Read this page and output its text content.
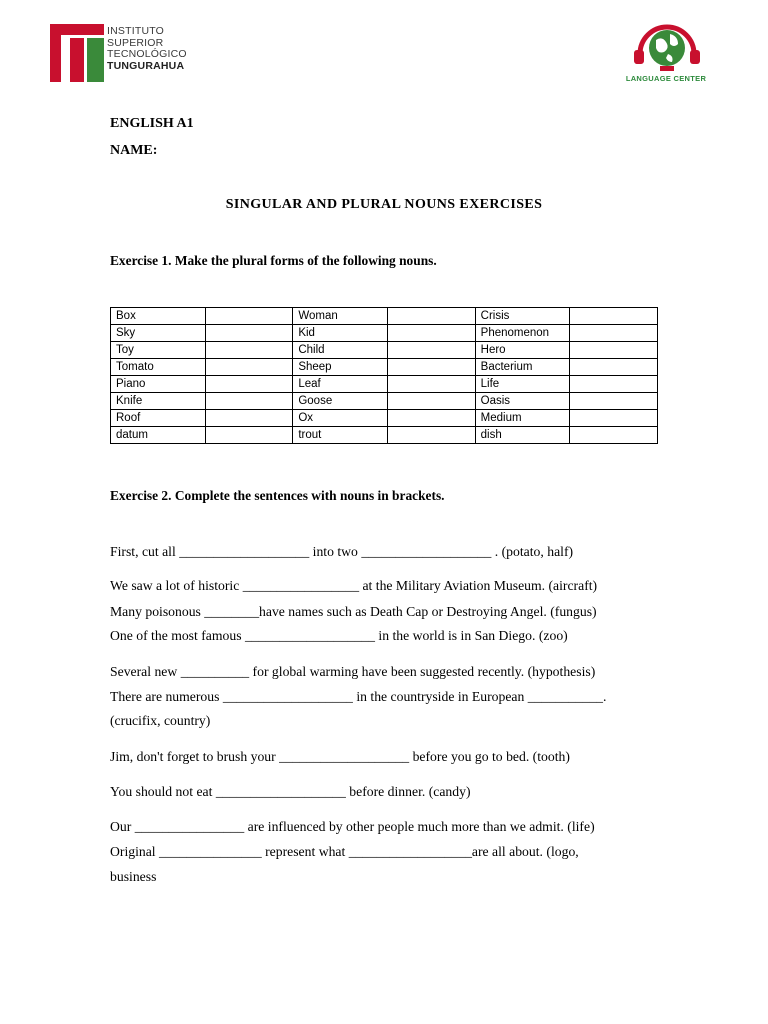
INSTITUTO
SUPERIOR
TECNOLÓGICO
TUNGURAHUA
LANGUAGE CENTER
ENGLISH A1
NAME:
SINGULAR AND PLURAL NOUNS EXERCISES
Exercise 1. Make the plural forms of the following nouns.
Box		Woman		Crisis	
Sky		Kid		Phenomenon	
Toy		Child		Hero	
Tomato		Sheep		Bacterium	
Piano		Leaf		Life	
Knife		Goose		Oasis	
Roof		Ox		Medium	
datum		trout		dish	
Exercise 2. Complete the sentences with nouns in brackets.
First, cut all ___________________ into two ___________________ . (potato, half)
We saw a lot of historic _________________ at the Military Aviation Museum. (aircraft)
Many poisonous ________have names such as Death Cap or Destroying Angel. (fungus)
One of the most famous ___________________ in the world is in San Diego. (zoo)
Several new __________ for global warming have been suggested recently. (hypothesis)
There are numerous ___________________ in the countryside in European ___________.
(crucifix, country)
Jim, don't forget to brush your ___________________ before you go to bed. (tooth)
You should not eat ___________________ before dinner. (candy)
Our ________________ are influenced by other people much more than we admit. (life)
Original _______________ represent what __________________are all about. (logo,
business
